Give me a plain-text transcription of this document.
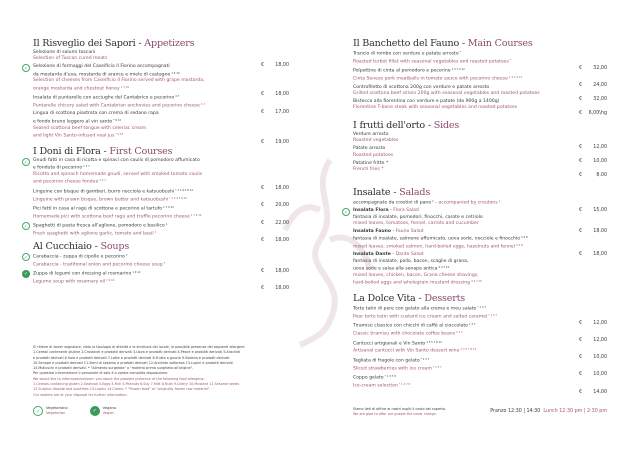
Il Risveglio dei Sapori - Appetizers
Selezione di salumi toscani
Selection of Tuscan cured meats
€ 18,00
✓	Selezione di formaggi del Caseificio Il Fiorino accompagnati
da mostarda d'uva, mostarda di arance e miele di castagno$^{1 5 10}$
Selection of cheeses from Caseificio Il Fiorino served with grape mostarda,
orange mostarda and chestnut honey$^{1 5 10}$
€ 18,00
Insalata di puntarelle con acciughe del Cantabrico e pecorino$^{4 7}$
Puntarelle chicory salad with Cantabrian anchovies and pecorino cheese$^{4 7}$
€ 17,00
Lingua di scottona piastrata con crema di sedano rapa
e fondo bruno leggero al vin santo$^{* 9 12}$
Seared scottona beef tongue with celeriac cream
and light Vin Santo-infused veal jus$^{* 9 12}$
€ 19,00
I Doni di Flora - First Courses
✓	Gnudi fatti in casa di ricotta e spinaci con coulis di pomodoro affumicato
e fonduta di pecorino$^{1 3 7}$
Ricotta and spinach homemade gnudi, served with smoked tomato coulis
and pecorino cheese fondue$^{1 3 7}$
€ 18,00
Linguine con bisque di gamberi, burro nocciola e katsuobushi$^{* 1 2 4 5 8 12}$
Linguine with prawn bisque, brown butter and katsuobushi$^{* 1 2 4 5 8 12}$
€ 20,00
Pici fatti in casa al ragù di scottona e pecorino al tartufo$^{1 7 9 12}$
Homemade pici with scottona beef ragù and truffle pecorino cheese$^{1 7 9 12}$
€ 22,00
✓	Spaghetti di pasta fresca all'aglione, pomodoro e basilico$^1$
Fresh spaghetti with aglione garlic, tomato and basil$^1$
€ 18,00
Al Cucchiaio - Soups
✓	Carabaccia - zuppa di cipolle e pecorino$^7$
Carabaccia - traditional onion and pecorino cheese soup$^7$
€ 18,00
✓	Zuppa di legumi con dressing al rosmarino$^{1 9 12}$
Legume soup with rosemary oil$^{1 9 12}$
€ 18,00
Il Banchetto del Fauno - Main Courses
Trancio di rombo con verdure e patate arrosto*
Roasted turbot fillet with seasonal vegetables and roasted potatoes*
€ 32,00
Polpettine di cinta al pomodoro e pecorino$^{1 3 7 9 12}$
Cinta Senese pork meatballs in tomato sauce with pecorino cheese$^{1 3 7 9 12}$
€ 24,00
Controfiletto di scottona 200g con verdure e patate arrosto
Grilled scottona beef sirloin 200g with seasonal vegetables and roasted potatoes
€ 32,00
Bistecca alla fiorentina con verdure e patate (da 900g a 1400g)
Florentine T-bone steak with seasonal vegetables and roasted potatoes
€ 6,00\hg
I frutti dell'orto - Sides
Verdure arrosto
Roasted vegetables
€ 12,00
Patate arrosto
Roasted potatoes
€ 10,00
Patatine fritte *
French fries *
€	8,00
Insalate - Salads
accompagnate da crostini di pane$^1$ - accompanied by croutons$^1$
✓	Insalata Flora - Flora Salad
fantasia di insalate, pomodori, finocchi, carote e cetriolo
mixed leaves, tomatoes, fennel, carrots and cucumber
€ 15,00
Insalata Fauno - Fauno Salad
fantasia di insalate, salmone affumicato, uova sode, nocciole e finocchio$^{3 4 8}$
mixed leaves, smoked salmon, hard-boiled eggs, hazelnuts and fennel$^{3 4 8}$
€ 18,00
Insalata Dante - Dante Salad
fantasia di insalate, pollo, bacon, scaglie di grana,
uova sode e salsa alla senape antica$^{3 4 7 10}$
mixed leaves, chicken, bacon, Grana cheese shavings,
hard-boiled eggs and wholegrain mustard dressing$^{3 4 7 10}$
€ 18,00
La Dolce Vita - Desserts
Torte tatin di pere con gelato alla crema e mou salato$^{* 1 3 7}$
Pear torte tatin with custard ice cream and salted caramel$^{* 1 3 7}$
€ 12,00
Tiramisù classico con chicchi di caffè al cioccolato$^{1 3 7}$
Classic tiramisu with chocolate coffee beans$^{1 3 7}$
€ 12,00
Cantucci artigianali e Vin Santo$^{1 3 5 7 8 12}$
Artisanal cantucci with Vin Santo dessert wine$^{1 3 5 7 8 12}$
€ 10,00
Tagliata di fragole con gelato$^{* 1 3 7}$
Sliced strawberries with ice cream$^{* 1 3 7}$
€ 10,00
Coppe gelato$^{* 1 3 7 8}$
Ice-cream selection$^{* 1 3 7 8}$
€ 14,00
Si ritiene di dover segnalare, vista la tipologia di attività e la struttura del locale, la possibile presenza dei seguenti allergeni:
1.Cereali contenenti glutine 2.Crostacei e prodotti derivati 3.Uova e prodotti derivati 4.Pesce e prodotti derivati 5.Arachidi
e prodotti derivati 6.Soia e prodotti derivati 7.Latte e prodotti derivati 8.Frutta a guscio 9.Sedano e prodotti derivati
10.Senape e prodotti derivati 11.Semi di sesamo e prodotti derivati 12.Anidride solforosa 13.Lupini e prodotti derivati
14.Molluschi e prodotti derivati. * "Alimento surgelato" o "materia prima surgelata all'origine".
Per qualsiasi informazione il personale di sala è a vostra completa disposizione.
We would like to inform/advise/warn you about the possible presence of the following food allergens:
1.Cereals containing gluten 2.Seafood 3.Eggs 4.Fish 5.Peanuts 6.Soy 7.Milk 8.Nuts 9.Celery 10.Mustard 11.Sesame seeds
12.Sulphur dioxide and sulphites 13.Lupins 14.Clams. * "Frozen food" or "originally frozen raw material".
Our waiters are at your disposal for further information.
✓
Vegetariano
Vegetarian	✓	Vegano
Vegan
Siamo lieti di offrire ai nostri ospiti il costo del coperto.
We are glad to offer our guests the cover charge.
Pranzo 12:30 | 14:30 Lunch 12:30 pm | 2:30 pm
